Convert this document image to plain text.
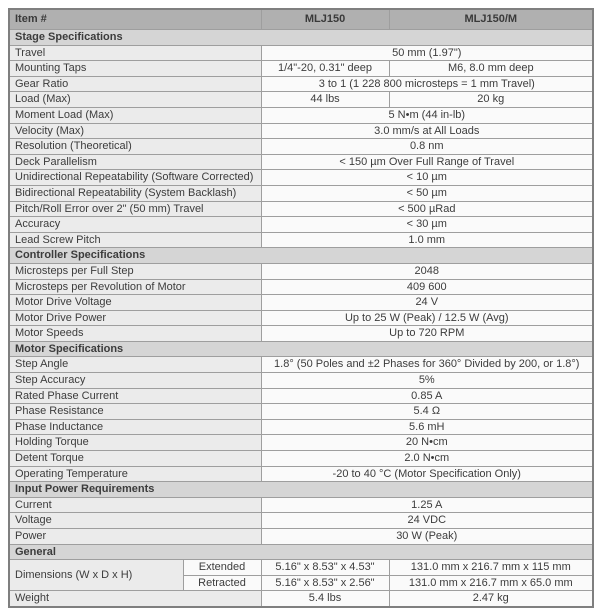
Item #		MLJ150	MLJ150/M
Stage Specifications			
Travel		50 mm (1.97")	
Mounting Taps		1/4"-20, 0.31" deep	M6, 8.0 mm deep
Gear Ratio		3 to 1 (1 228 800 microsteps = 1 mm Travel)	
Load (Max)		44 lbs	20 kg
Moment Load (Max)		5 N•m (44 in-lb)	
Velocity (Max)		3.0 mm/s at All Loads	
Resolution (Theoretical)		0.8 nm	
Deck Parallelism		< 150 µm Over Full Range of Travel	
Unidirectional Repeatability (Software Corrected)		< 10 µm	
Bidirectional Repeatability (System Backlash)		< 50 µm	
Pitch/Roll Error over 2" (50 mm) Travel		< 500 µRad	
Accuracy		< 30 µm	
Lead Screw Pitch		1.0 mm	
Controller Specifications			
Microsteps per Full Step		2048	
Microsteps per Revolution of Motor		409 600	
Motor Drive Voltage		24 V	
Motor Drive Power		Up to 25 W (Peak) / 12.5 W (Avg)	
Motor Speeds		Up to 720 RPM	
Motor Specifications			
Step Angle		1.8° (50 Poles and ±2 Phases for 360° Divided by 200, or 1.8°)	
Step Accuracy		5%	
Rated Phase Current		0.85 A	
Phase Resistance		5.4 Ω	
Phase Inductance		5.6 mH	
Holding Torque		20 N•cm	
Detent Torque		2.0 N•cm	
Operating Temperature		-20 to 40 °C (Motor Specification Only)	
Input Power Requirements			
Current		1.25 A	
Voltage		24 VDC	
Power		30 W (Peak)	
General			
Dimensions (W x D x H)	Extended	5.16" x 8.53" x 4.53"	131.0 mm x 216.7 mm x 115 mm
	Retracted	5.16" x 8.53" x 2.56"	131.0 mm x 216.7 mm x 65.0 mm
Weight		5.4 lbs	2.47 kg
